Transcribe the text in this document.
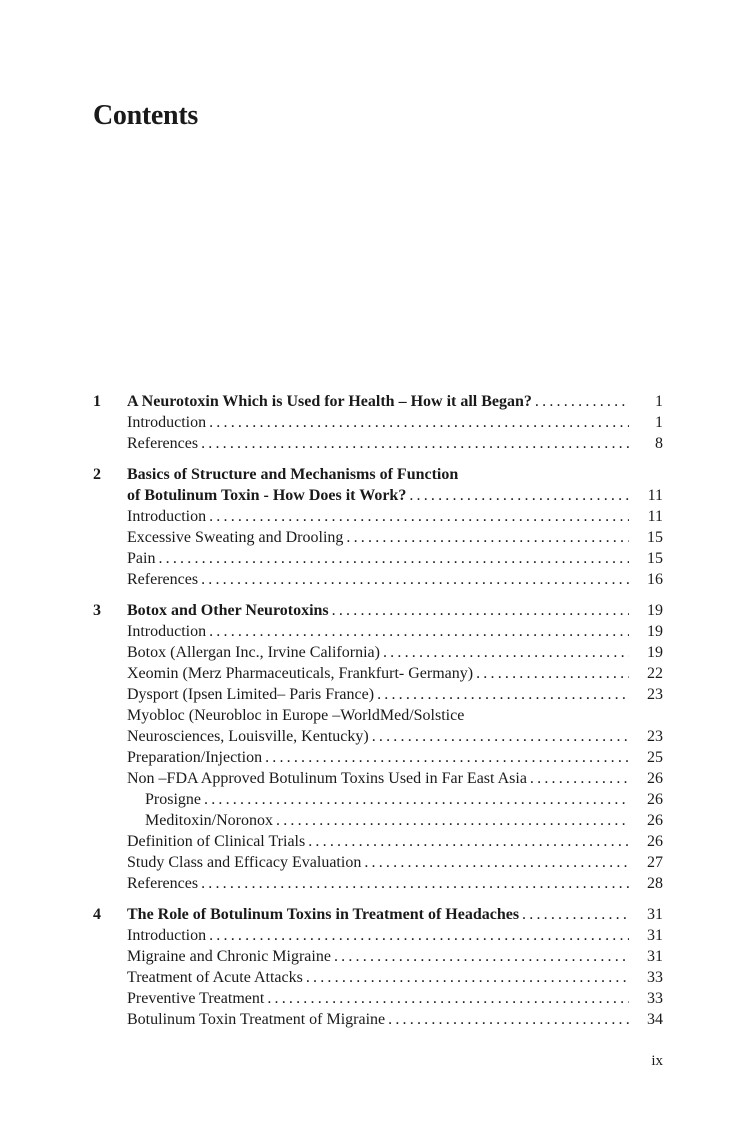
Contents
1 A Neurotoxin Which is Used for Health – How it all Began? .....	1
Introduction .....	1
References .....	8
2 Basics of Structure and Mechanisms of Function
of Botulinum Toxin - How Does it Work? .....	11
Introduction .....	11
Excessive Sweating and Drooling .....	15
Pain .....	15
References .....	16
3 Botox and Other Neurotoxins .....	19
Introduction .....	19
Botox (Allergan Inc., Irvine California) .....	19
Xeomin (Merz Pharmaceuticals, Frankfurt- Germany) .....	22
Dysport (Ipsen Limited– Paris France) .....	23
Myobloc (Neurobloc in Europe –WorldMed/Solstice
Neurosciences, Louisville, Kentucky) .....	23
Preparation/Injection .....	25
Non –FDA Approved Botulinum Toxins Used in Far East Asia .....	26
Prosigne .....	26
Meditoxin/Noronox .....	26
Definition of Clinical Trials .....	26
Study Class and Efficacy Evaluation .....	27
References .....	28
4 The Role of Botulinum Toxins in Treatment of Headaches .....	31
Introduction .....	31
Migraine and Chronic Migraine .....	31
Treatment of Acute Attacks .....	33
Preventive Treatment .....	33
Botulinum Toxin Treatment of Migraine .....	34
ix
